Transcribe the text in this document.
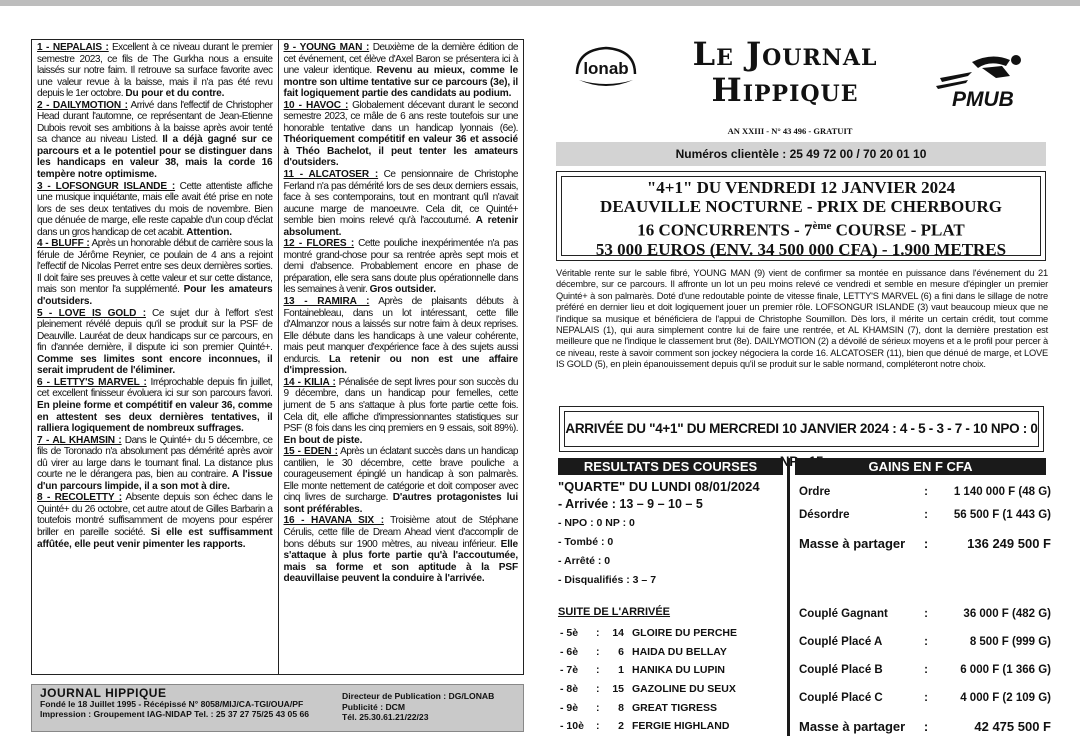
1 - NEPALAIS : Excellent à ce niveau durant le premier semestre 2023, ce fils de The Gurkha nous a ensuite laissés sur notre faim. Il retrouve sa surface favorite avec une valeur revue à la baisse, mais il n'a pas été revu depuis le 1er octobre. Du pour et du contre.
2 - DAILYMOTION : Arrivé dans l'effectif de Christopher Head durant l'automne, ce représentant de Jean-Etienne Dubois revoit ses ambitions à la baisse après avoir tenté sa chance au niveau Listed. Il a déjà gagné sur ce parcours et a le potentiel pour se distinguer dans les handicaps en valeur 38, mais la corde 16 tempère notre optimisme.
3 - LOFSONGUR ISLANDE : Cette attentiste affiche une musique inquiétante, mais elle avait été prise en note lors de ses deux tentatives du mois de novembre. Bien que dénuée de marge, elle reste capable d'un coup d'éclat dans un gros handicap de cet acabit. Attention.
4 - BLUFF : Après un honorable début de carrière sous la férule de Jérôme Reynier, ce poulain de 4 ans a rejoint l'effectif de Nicolas Perret entre ses deux dernières sorties. Il doit faire ses preuves à cette valeur et sur cette distance, mais son mentor l'a supplémenté. Pour les amateurs d'outsiders.
5 - LOVE IS GOLD : Ce sujet dur à l'effort s'est pleinement révélé depuis qu'il se produit sur la PSF de Deauville. Lauréat de deux handicaps sur ce parcours, en fin d'année dernière, il dispute ici son premier Quinté+. Comme ses limites sont encore inconnues, il serait imprudent de l'éliminer.
6 - LETTY'S MARVEL : Irréprochable depuis fin juillet, cet excellent finisseur évoluera ici sur son parcours favori. En pleine forme et compétitif en valeur 36, comme en attestent ses deux dernières tentatives, il ralliera logiquement de nombreux suffrages.
7 - AL KHAMSIN : Dans le Quinté+ du 5 décembre, ce fils de Toronado n'a absolument pas démérité après avoir dû virer au large dans le tournant final. La distance plus courte ne le dérangera pas, bien au contraire. A l'issue d'un parcours limpide, il a son mot à dire.
8 - RECOLETTY : Absente depuis son échec dans le Quinté+ du 26 octobre, cet autre atout de Gilles Barbarin a toutefois montré suffisamment de moyens pour espérer briller en pareille société. Si elle est suffisamment affûtée, elle peut venir pimenter les rapports.
9 - YOUNG MAN : Deuxième de la dernière édition de cet événement, cet élève d'Axel Baron se présentera ici à une valeur identique. Revenu au mieux, comme le montre son ultime tentative sur ce parcours (3e), il fait logiquement partie des candidats au podium.
10 - HAVOC : Globalement décevant durant le second semestre 2023, ce mâle de 6 ans reste toutefois sur une honorable tentative dans un handicap lyonnais (6e). Théoriquement compétitif en valeur 36 et associé à Théo Bachelot, il peut tenter les amateurs d'outsiders.
11 - ALCATOSER : Ce pensionnaire de Christophe Ferland n'a pas démérité lors de ses deux derniers essais, face à ses contemporains, tout en montrant qu'il n'avait aucune marge de manoeuvre. Cela dit, ce Quinté+ semble bien moins relevé qu'à l'accoutumé. A retenir absolument.
12 - FLORES : Cette pouliche inexpérimentée n'a pas montré grand-chose pour sa rentrée après sept mois et demi d'absence. Probablement encore en phase de préparation, elle sera sans doute plus opérationnelle dans les semaines à venir. Gros outsider.
13 - RAMIRA : Après de plaisants débuts à Fontainebleau, dans un lot intéressant, cette fille d'Almanzor nous a laissés sur notre faim à deux reprises. Elle débute dans les handicaps à une valeur cohérente, mais peut manquer d'expérience face à des sujets aussi endurcis. La retenir ou non est une affaire d'impression.
14 - KILIA : Pénalisée de sept livres pour son succès du 9 décembre, dans un handicap pour femelles, cette jument de 5 ans s'attaque à plus forte partie cette fois. Cela dit, elle affiche d'impressionnantes statistiques sur PSF (8 fois dans les cinq premiers en 9 essais, soit 89%). En bout de piste.
15 - EDEN : Après un éclatant succès dans un handicap cantilien, le 30 décembre, cette brave pouliche a courageusement épinglé un handicap à son palmarès. Elle monte nettement de catégorie et doit composer avec cinq livres de surcharge. D'autres protagonistes lui sont préférables.
16 - HAVANA SIX : Troisième atout de Stéphane Cérulis, cette fille de Dream Ahead vient d'accomplir de bons débuts sur 1900 mètres, au niveau inférieur. Elle s'attaque à plus forte partie qu'à l'accoutumée, mais sa forme et son aptitude à la PSF deauvillaise peuvent la conduire à l'arrivée.
JOURNAL HIPPIQUE
Fondé le 18 Juillet 1995 - Récépissé N° 8058/MIJ/CA-TGI/OUA/PF
Impression : Groupement IAG-NIDAP Tel. : 25 37 27 75/25 43 05 66
Directeur de Publication : DG/LONAB
Publicité : DCM
Tél. 25.30.61.21/22/23
lonab
PMUB
Le Journal
Hippique
AN XXIII - N° 43 496 - GRATUIT
Numéros clientèle : 25 49 72 00 / 70 20 01 10
"4+1" DU VENDREDI 12 JANVIER 2024
DEAUVILLE NOCTURNE - PRIX DE CHERBOURG
16 CONCURRENTS - 7ème COURSE - PLAT
53 000 EUROS (ENV. 34 500 000 CFA) - 1.900 METRES
Véritable rente sur le sable fibré, YOUNG MAN (9) vient de confirmer sa montée en puissance dans l'événement du 21 décembre, sur ce parcours. Il affronte un lot un peu moins relevé ce vendredi et semble en mesure d'épingler un premier Quinté+ à son palmarès. Doté d'une redoutable pointe de vitesse finale, LETTY'S MARVEL (6) a fini dans le sillage de notre préféré en dernier lieu et doit logiquement jouer un premier rôle. LOFSONGUR ISLANDE (3) vaut beaucoup mieux que ne l'indique sa musique et bénéficiera de l'appui de Christophe Soumillon. Dès lors, il mérite un certain crédit, tout comme NEPALAIS (1), qui aura simplement contre lui de faire une rentrée, et AL KHAMSIN (7), dont la dernière prestation est meilleure que ne l'indique le classement brut (8e). DAILYMOTION (2) a dévoilé de sérieux moyens et a le profil pour percer à ce niveau, reste à savoir comment son jockey négociera la corde 16. ALCATOSER (11), bien que dénué de marge, et LOVE IS GOLD (5), en plein épanouissement depuis qu'il se produit sur le sable normand, compléteront notre choix.
ARRIVÉE DU "4+1" DU MERCREDI 10 JANVIER 2024 : 4 - 5 - 3 - 7 - 10 NPO : 0
RESULTATS DES COURSES	GAINS EN F CFA
"QUARTE" DU LUNDI 08/01/2024
- Arrivée : 13 – 9 – 10 – 5
- NPO : 0 NP : 0
- Tombé : 0
- Arrêté : 0
- Disqualifiés : 3 – 7
SUITE DE L'ARRIVÉE
- 5è	:	14 GLOIRE DU PERCHE
- 6è	:	6 HAIDA DU BELLAY
- 7è	:	1 HANIKA DU LUPIN
- 8è	:	15 GAZOLINE DU SEUX
- 9è	:	8 GREAT TIGRESS
- 10è	:	2 FERGIE HIGHLAND
Ordre	:	1 140 000 F (48 G)
Désordre	:	56 500 F (1 443 G)
Masse à partager	:	136 249 500 F
Couplé Gagnant	:	36 000 F (482 G)
Couplé Placé A	:	8 500 F (999 G)
Couplé Placé B	:	6 000 F (1 366 G)
Couplé Placé C	:	4 000 F (2 109 G)
Masse à partager	:	42 475 500 F
